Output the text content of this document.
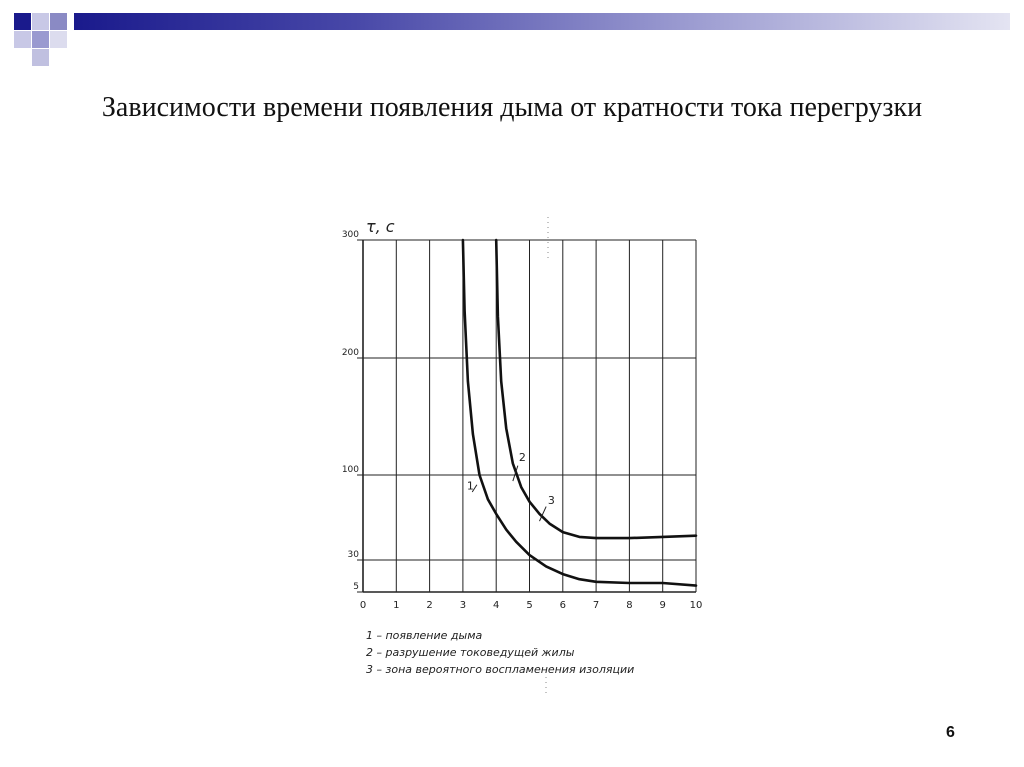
Зависимости времени появления дыма от кратности тока перегрузки
0	1	2	3	4	5	6	7	8	9 10
5
30
100
200
300
1
2
3
τ, с
1 – появление дыма
2 – разрушение токоведущей жилы
3 – зона вероятного воспламенения изоляции
6
